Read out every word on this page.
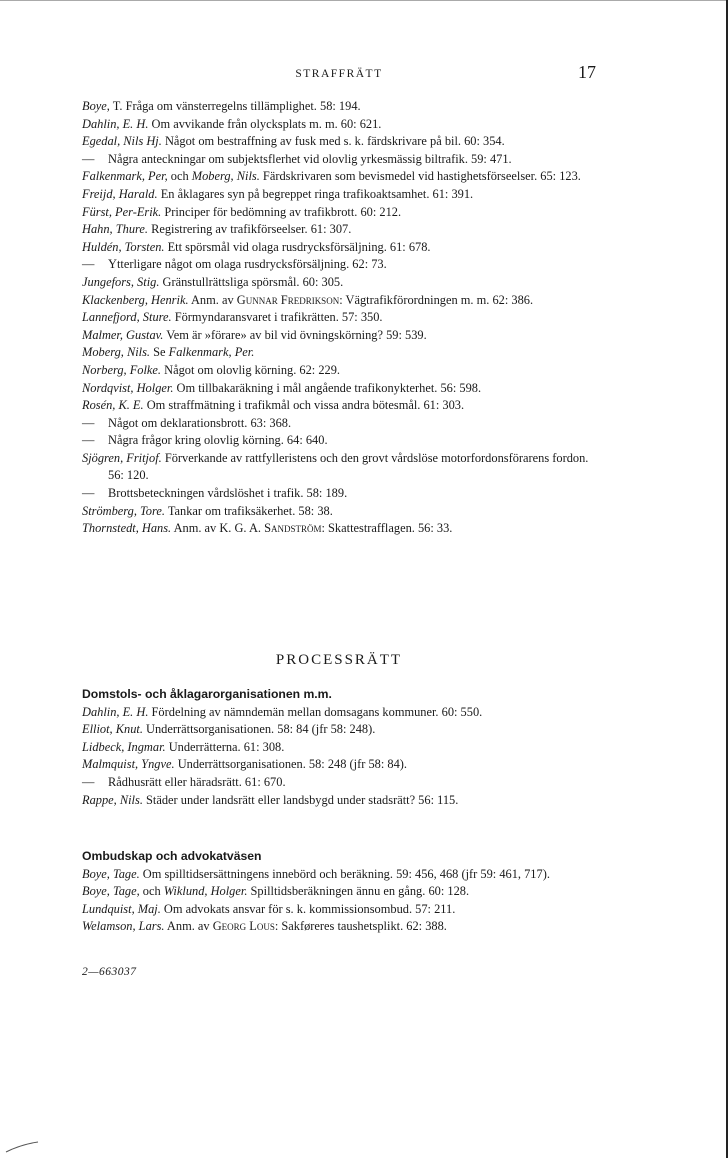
STRAFFRÄTT	17
Boye, T. Fråga om vänsterregelns tillämplighet. 58: 194.
Dahlin, E. H. Om avvikande från olycksplats m. m. 60: 621.
Egedal, Nils Hj. Något om bestraffning av fusk med s. k. färdskrivare på bil. 60: 354.
— Några anteckningar om subjektsflerhet vid olovlig yrkesmässig biltrafik. 59: 471.
Falkenmark, Per, och Moberg, Nils. Färdskrivaren som bevismedel vid hastighetsförseelser. 65: 123.
Freijd, Harald. En åklagares syn på begreppet ringa trafikoaktsamhet. 61: 391.
Fürst, Per-Erik. Principer för bedömning av trafikbrott. 60: 212.
Hahn, Thure. Registrering av trafikförseelser. 61: 307.
Huldén, Torsten. Ett spörsmål vid olaga rusdrycksförsäljning. 61: 678.
— Ytterligare något om olaga rusdrycksförsäljning. 62: 73.
Jungefors, Stig. Gränstullrättsliga spörsmål. 60: 305.
Klackenberg, Henrik. Anm. av Gunnar Fredrikson: Vägtrafikförordningen m. m. 62: 386.
Lannefjord, Sture. Förmyndaransvaret i trafikrätten. 57: 350.
Malmer, Gustav. Vem är »förare» av bil vid övningskörning? 59: 539.
Moberg, Nils. Se Falkenmark, Per.
Norberg, Folke. Något om olovlig körning. 62: 229.
Nordqvist, Holger. Om tillbakaräkning i mål angående trafikonykterhet. 56: 598.
Rosén, K. E. Om straffmätning i trafikmål och vissa andra bötesmål. 61: 303.
— Något om deklarationsbrott. 63: 368.
— Några frågor kring olovlig körning. 64: 640.
Sjögren, Fritjof. Förverkande av rattfylleristens och den grovt vårdslöse motorfordonsförarens fordon. 56: 120.
— Brottsbeteckningen vårdslöshet i trafik. 58: 189.
Strömberg, Tore. Tankar om trafiksäkerhet. 58: 38.
Thornstedt, Hans. Anm. av K. G. A. Sandström: Skattestrafflagen. 56: 33.
PROCESSRÄTT
Domstols- och åklagarorganisationen m.m.
Dahlin, E. H. Fördelning av nämndemän mellan domsagans kommuner. 60: 550.
Elliot, Knut. Underrättsorganisationen. 58: 84 (jfr 58: 248).
Lidbeck, Ingmar. Underrätterna. 61: 308.
Malmquist, Yngve. Underrättsorganisationen. 58: 248 (jfr 58: 84).
— Rådhusrätt eller häradsrätt. 61: 670.
Rappe, Nils. Städer under landsrätt eller landsbygd under stadsrätt? 56: 115.
Ombudskap och advokatväsen
Boye, Tage. Om spilltidsersättningens innebörd och beräkning. 59: 456, 468 (jfr 59: 461, 717).
Boye, Tage, och Wiklund, Holger. Spilltidsberäkningen ännu en gång. 60: 128.
Lundquist, Maj. Om advokats ansvar för s. k. kommissionsombud. 57: 211.
Welamson, Lars. Anm. av Georg Lous: Sakføreres taushetsplikt. 62: 388.
2—663037
